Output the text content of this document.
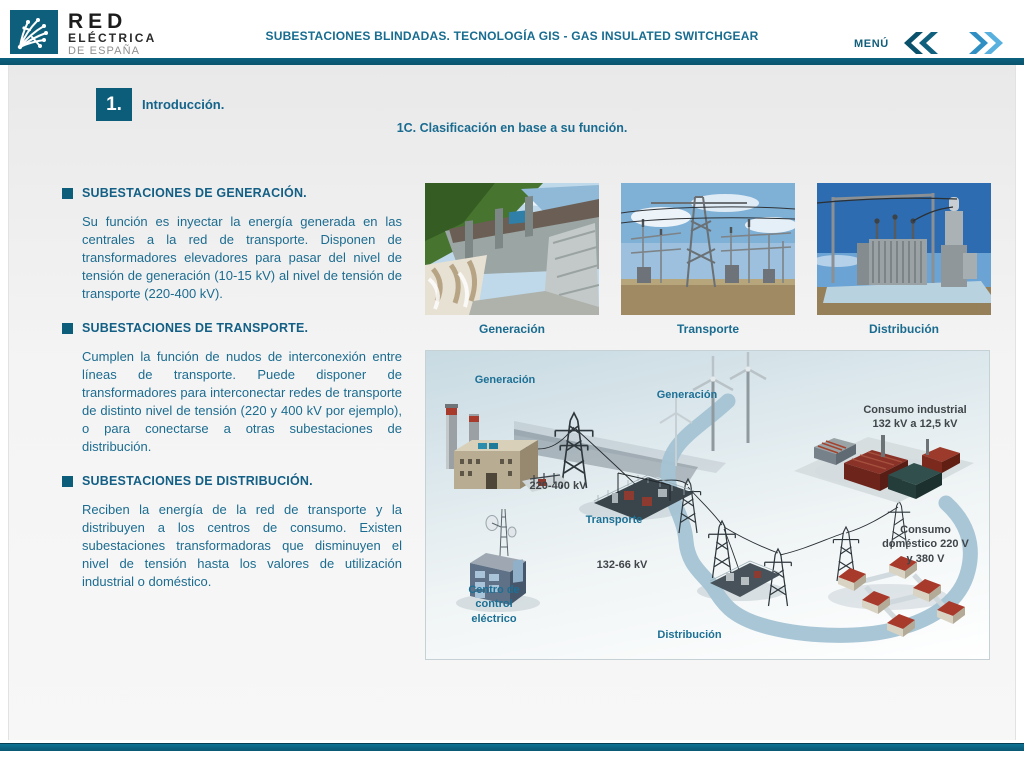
RED
ELÉCTRICA
DE ESPAÑA
SUBESTACIONES BLINDADAS. TECNOLOGÍA GIS - GAS INSULATED SWITCHGEAR
MENÚ
1.	Introducción.
1C. Clasificación en base a su función.
SUBESTACIONES DE GENERACIÓN.

Su función es inyectar la energía generada en las centrales a la red de transporte. Disponen de transformadores elevadores para pasar del nivel de tensión de generación (10-15 kV) al nivel de tensión de transporte (220-400 kV).

SUBESTACIONES DE TRANSPORTE.

Cumplen la función de nudos de interconexión entre líneas de transporte. Puede disponer de transformadores para interconectar redes de transporte de distinto nivel de tensión (220 y 400 kV por ejemplo), o para conectarse a otras subestaciones de distribución.

SUBESTACIONES DE DISTRIBUCIÓN.

Reciben la energía de la red de transporte y la distribuyen a los centros de consumo. Existen subestaciones transformadoras que disminuyen el nivel de tensión hasta los valores de utilización industrial o doméstico.

Generación	Transporte	Distribución
Generación
Generación
Consumo industrial 132 kV a 12,5 kV
220-400 kV
Transporte
132-66 kV
Centro de control eléctrico
Distribución
Consumo doméstico 220 V y 380 V
